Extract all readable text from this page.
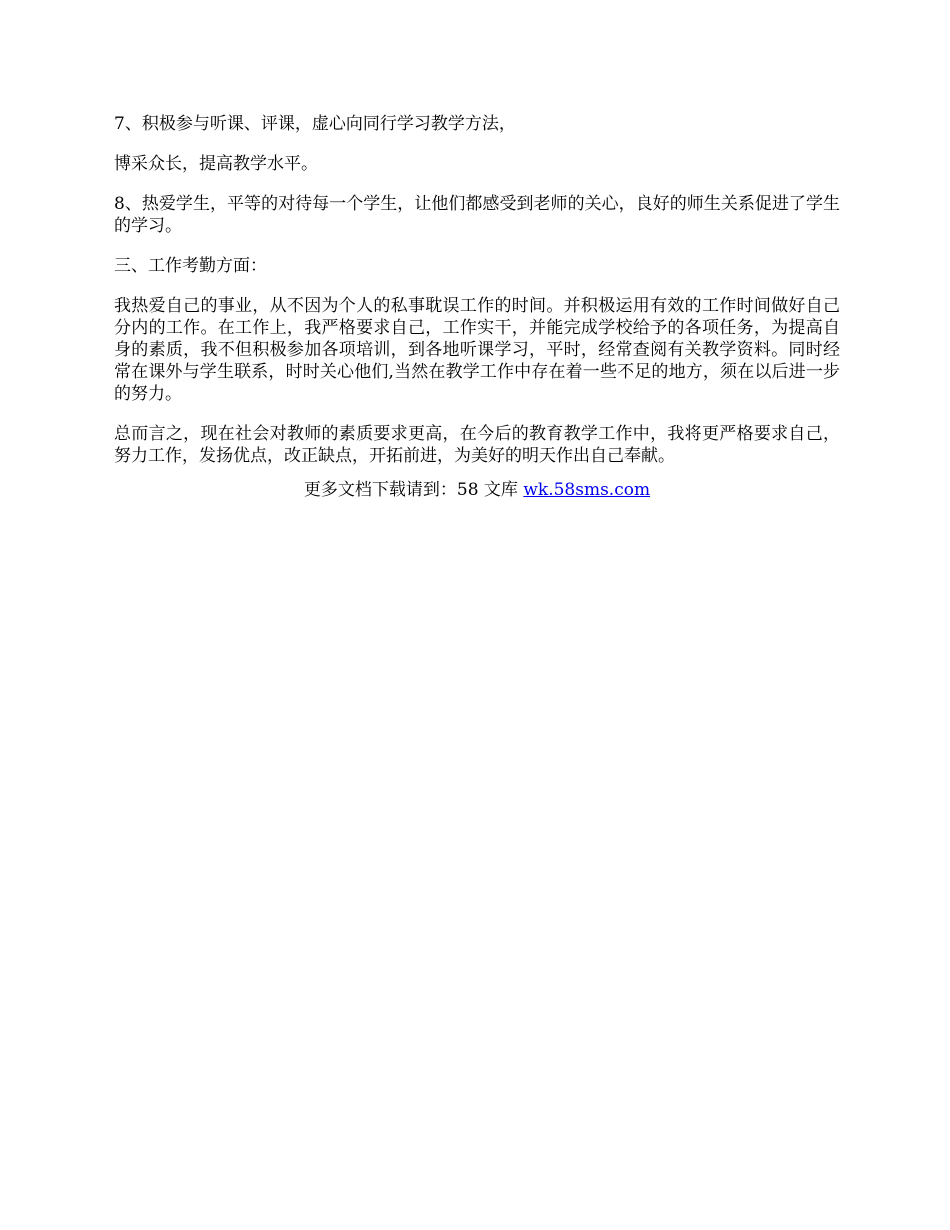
7、积极参与听课、评课，虚心向同行学习教学方法，

博采众长，提高教学水平。

8、热爱学生，平等的对待每一个学生，让他们都感受到老师的关心，良好的师生关系促进了学生的学习。

三、工作考勤方面：

我热爱自己的事业，从不因为个人的私事耽误工作的时间。并积极运用有效的工作时间做好自己分内的工作。在工作上，我严格要求自己，工作实干，并能完成学校给予的各项任务，为提高自身的素质，我不但积极参加各项培训，到各地听课学习，平时，经常查阅有关教学资料。同时经常在课外与学生联系，时时关心他们,当然在教学工作中存在着一些不足的地方，须在以后进一步的努力。

总而言之，现在社会对教师的素质要求更高，在今后的教育教学工作中，我将更严格要求自己，努力工作，发扬优点，改正缺点，开拓前进，为美好的明天作出自己奉献。

更多文档下载请到：58 文库 wk.58sms.com
